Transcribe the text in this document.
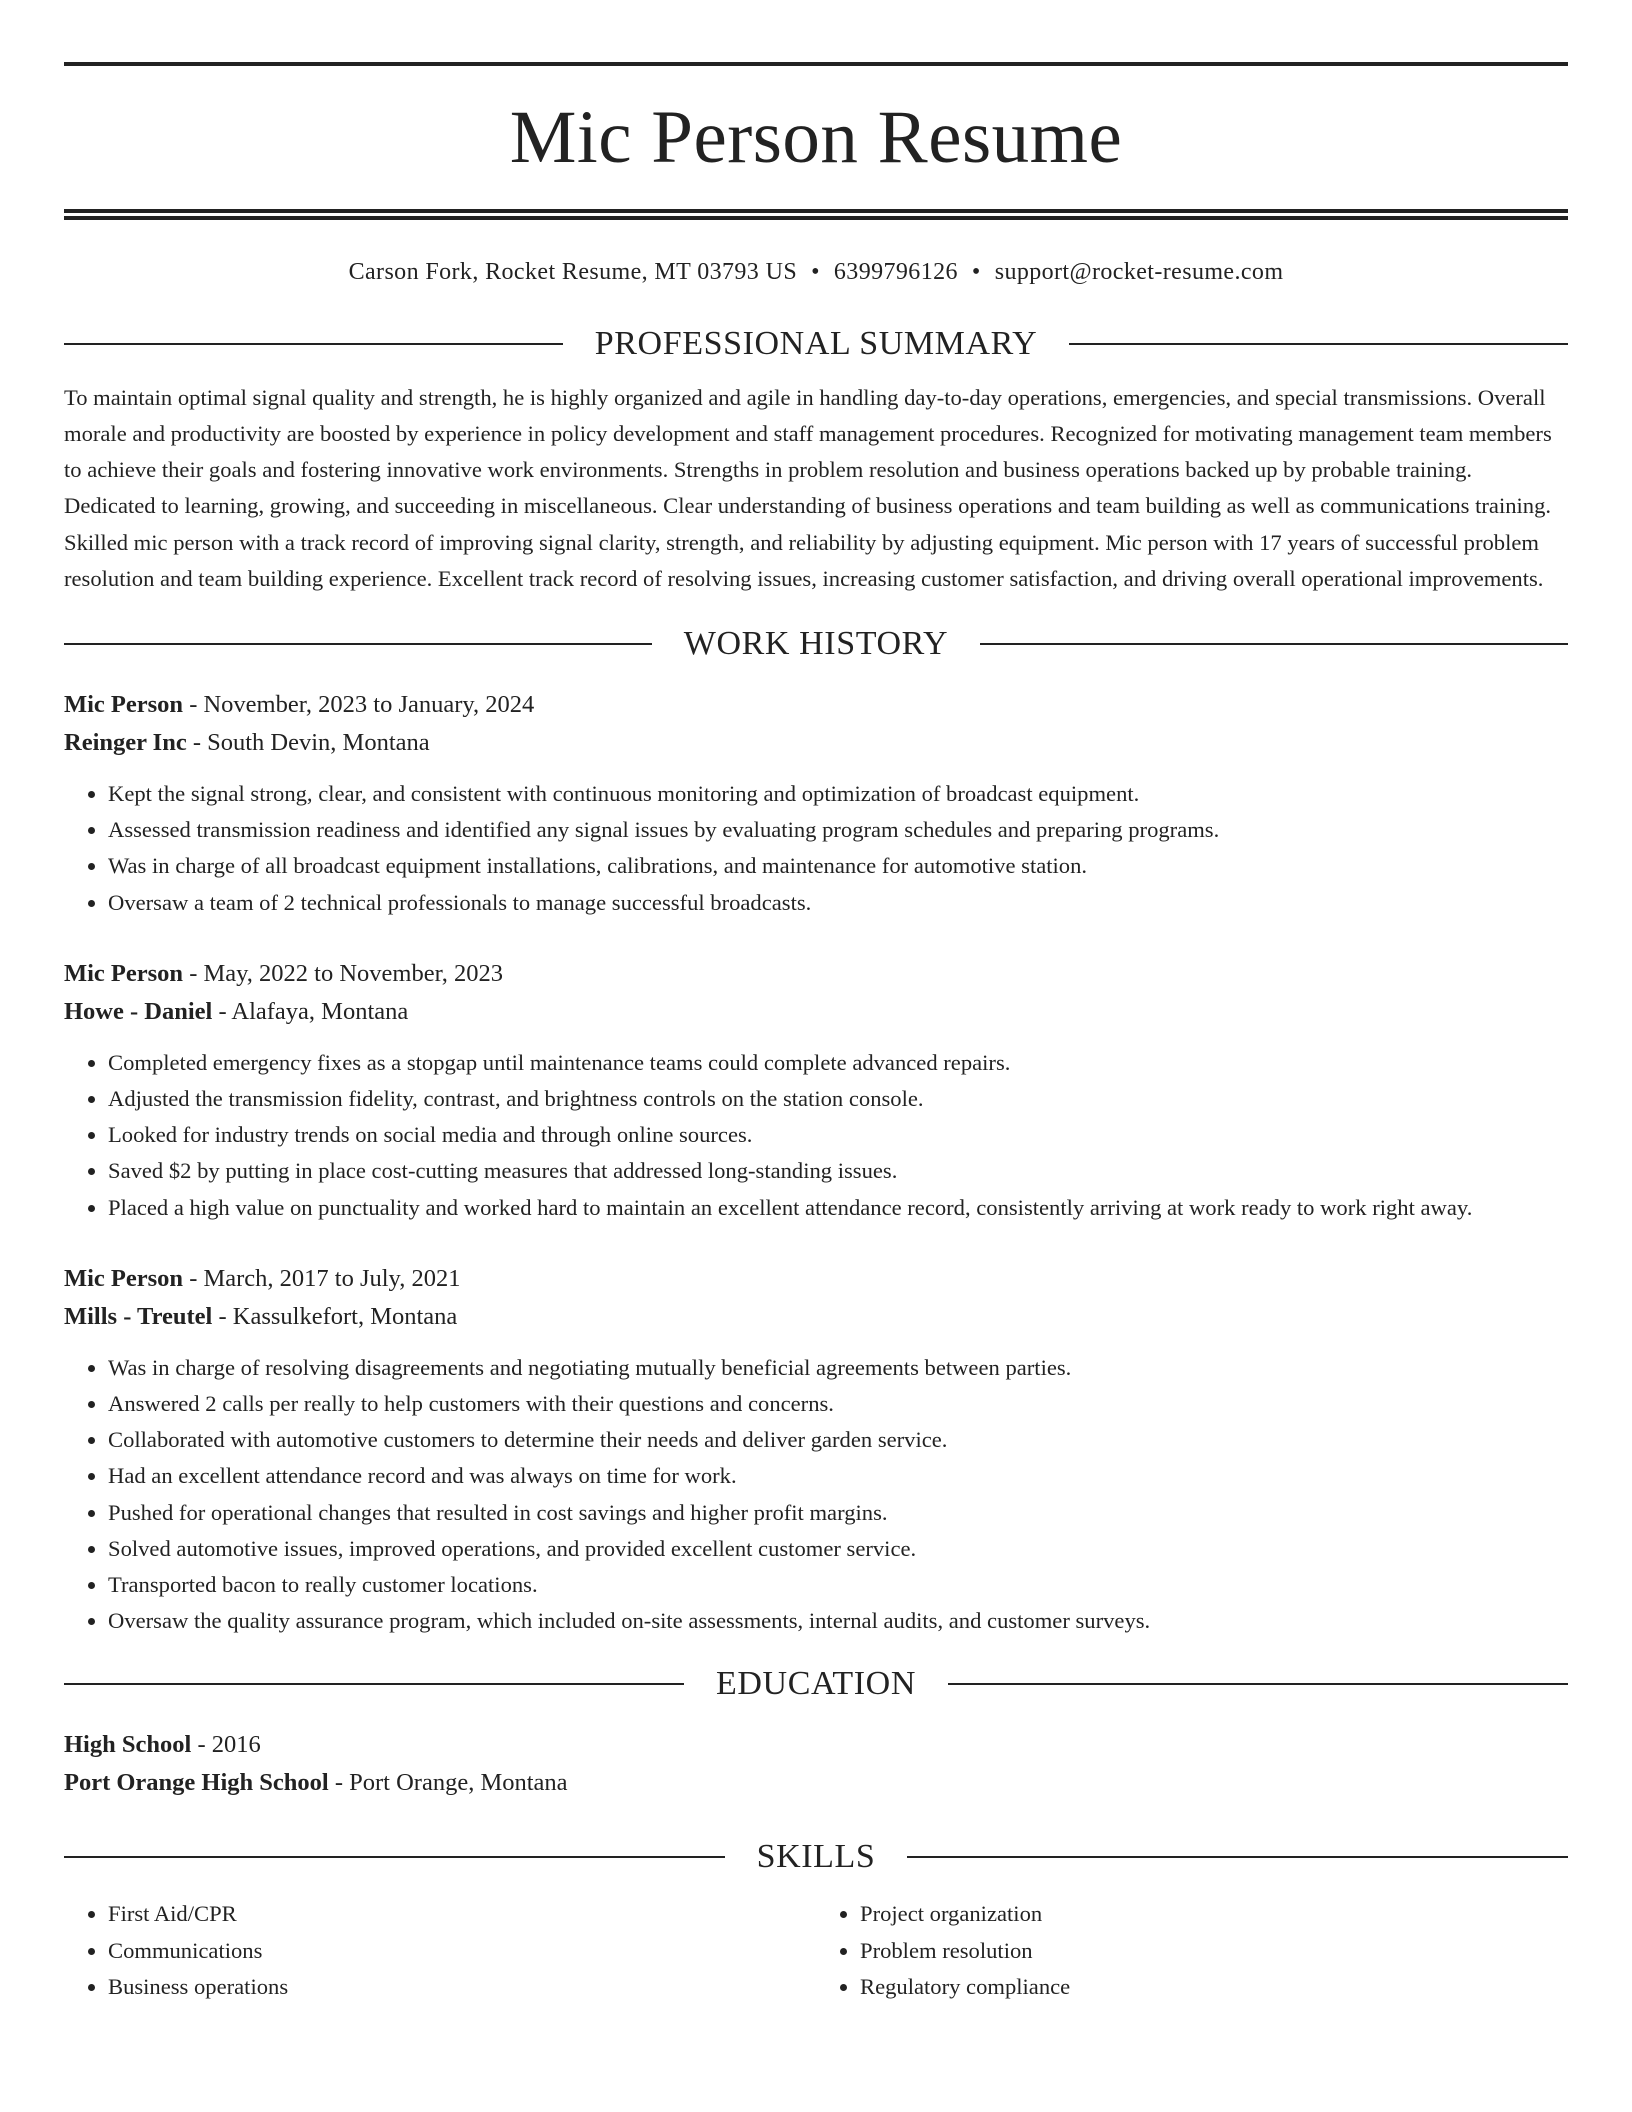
Mic Person Resume
Carson Fork, Rocket Resume, MT 03793 US • 6399796126 • support@rocket-resume.com
PROFESSIONAL SUMMARY

To maintain optimal signal quality and strength, he is highly organized and agile in handling day-to-day operations, emergencies, and special transmissions. Overall morale and productivity are boosted by experience in policy development and staff management procedures. Recognized for motivating management team members to achieve their goals and fostering innovative work environments. Strengths in problem resolution and business operations backed up by probable training. Dedicated to learning, growing, and succeeding in miscellaneous. Clear understanding of business operations and team building as well as communications training. Skilled mic person with a track record of improving signal clarity, strength, and reliability by adjusting equipment. Mic person with 17 years of successful problem resolution and team building experience. Excellent track record of resolving issues, increasing customer satisfaction, and driving overall operational improvements.

WORK HISTORY
Mic Person - November, 2023 to January, 2024
Reinger Inc - South Devin, Montana
• Kept the signal strong, clear, and consistent with continuous monitoring and optimization of broadcast equipment.
• Assessed transmission readiness and identified any signal issues by evaluating program schedules and preparing programs.
• Was in charge of all broadcast equipment installations, calibrations, and maintenance for automotive station.
• Oversaw a team of 2 technical professionals to manage successful broadcasts.
Mic Person - May, 2022 to November, 2023
Howe - Daniel - Alafaya, Montana
• Completed emergency fixes as a stopgap until maintenance teams could complete advanced repairs.
• Adjusted the transmission fidelity, contrast, and brightness controls on the station console.
• Looked for industry trends on social media and through online sources.
• Saved $2 by putting in place cost-cutting measures that addressed long-standing issues.
• Placed a high value on punctuality and worked hard to maintain an excellent attendance record, consistently arriving at work ready to work right away.
Mic Person - March, 2017 to July, 2021
Mills - Treutel - Kassulkefort, Montana
• Was in charge of resolving disagreements and negotiating mutually beneficial agreements between parties.
• Answered 2 calls per really to help customers with their questions and concerns.
• Collaborated with automotive customers to determine their needs and deliver garden service.
• Had an excellent attendance record and was always on time for work.
• Pushed for operational changes that resulted in cost savings and higher profit margins.
• Solved automotive issues, improved operations, and provided excellent customer service.
• Transported bacon to really customer locations.
• Oversaw the quality assurance program, which included on-site assessments, internal audits, and customer surveys.
EDUCATION
High School - 2016
Port Orange High School - Port Orange, Montana
SKILLS
• First Aid/CPR
• Communications
• Business operations
• Project organization
• Problem resolution
• Regulatory compliance
